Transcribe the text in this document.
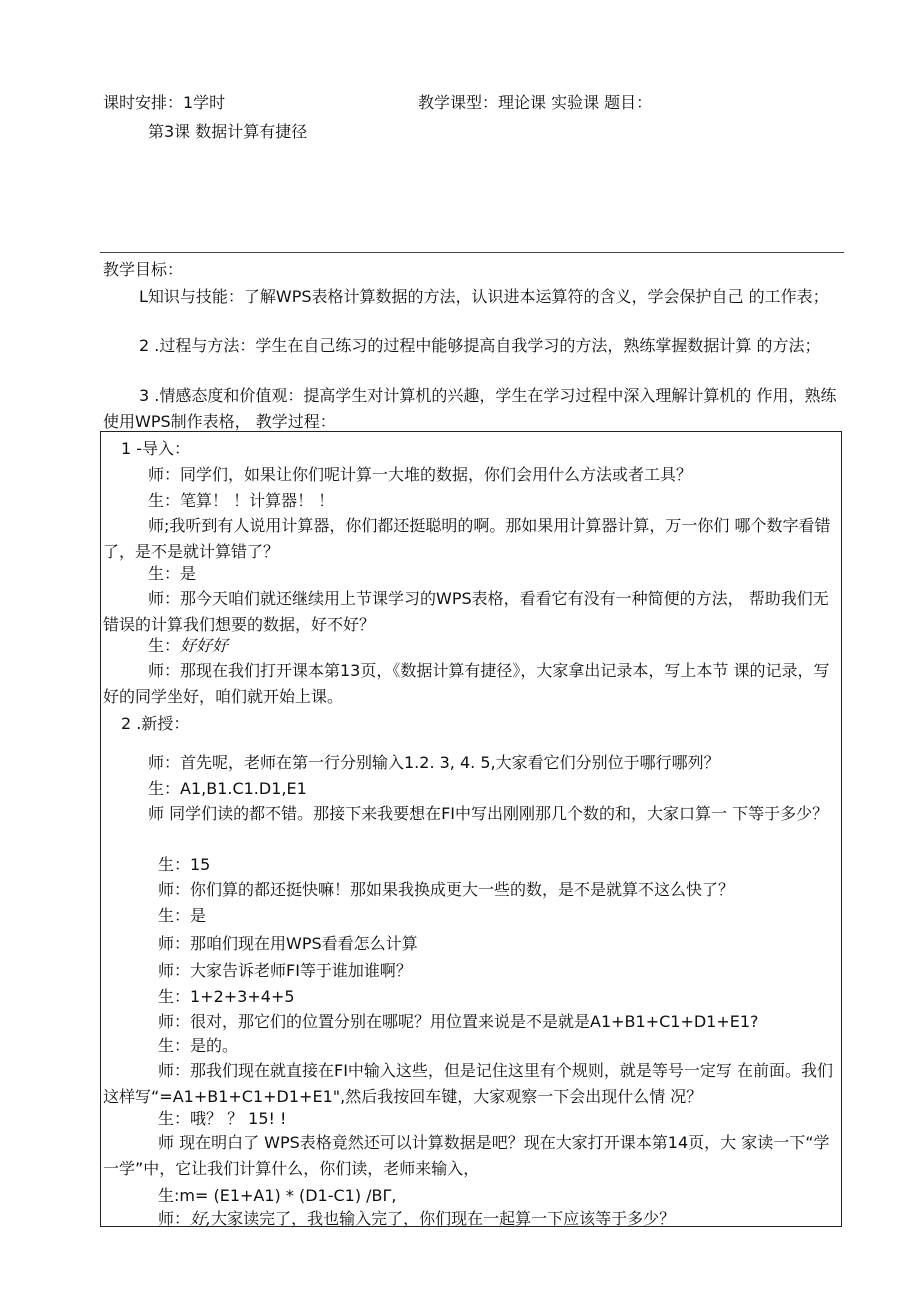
课时安排：1学时	教学课型：理论课 实验课 题目：
第3课 数据计算有捷径
教学目标：
L知识与技能：了解WPS表格计算数据的方法，认识进本运算符的含义，学会保护自己 的工作表；
2 .过程与方法：学生在自己练习的过程中能够提高自我学习的方法，熟练掌握数据计算 的方法；
3 .情感态度和价值观：提高学生对计算机的兴趣，学生在学习过程中深入理解计算机的 作用，熟练使用WPS制作表格， 教学过程：
1 -导入：
师：同学们，如果让你们呢计算一大堆的数据，你们会用什么方法或者工具？
生：笔算！ ！计算器！ ！
师;我听到有人说用计算器，你们都还挺聪明的啊。那如果用计算器计算，万一你们 哪个数字看错了，是不是就计算错了？
生：是
师：那今天咱们就还继续用上节课学习的WPS表格，看看它有没有一种简便的方法， 帮助我们无错误的计算我们想要的数据，好不好？
生：好好好
师：那现在我们打开课本第13页，《数据计算有捷径》，大家拿出记录本，写上本节 课的记录，写好的同学坐好，咱们就开始上课。
2 .新授：
师：首先呢，老师在第一行分别输入1.2. 3, 4. 5,大家看它们分别位于哪行哪列？
生：A1,B1.C1.D1,E1
师 同学们读的都不错。那接下来我要想在FI中写出刚刚那几个数的和，大家口算一 下等于多少？
生：15
师：你们算的都还挺快嘛！那如果我换成更大一些的数，是不是就算不这么快了？
生：是
师：那咱们现在用WPS看看怎么计算
师：大家告诉老师FI等于谁加谁啊？
生：1+2+3+4+5
师：很对，那它们的位置分别在哪呢？用位置来说是不是就是A1+B1+C1+D1+E1?
生：是的。
师：那我们现在就直接在FI中输入这些，但是记住这里有个规则，就是等号一定写 在前面。我们这样写“=A1+B1+C1+D1+E1",然后我按回车键，大家观察一下会出现什么情 况？
生：哦？ ？ 15! !
师 现在明白了 WPS表格竟然还可以计算数据是吧？现在大家打开课本第14页，大 家读一下“学一学”中，它让我们计算什么，你们读，老师来输入，
生:m= (E1+A1) * (D1-C1) /BΓ,
师：好,大家读完了，我也输入完了，你们现在一起算一下应该等于多少？
